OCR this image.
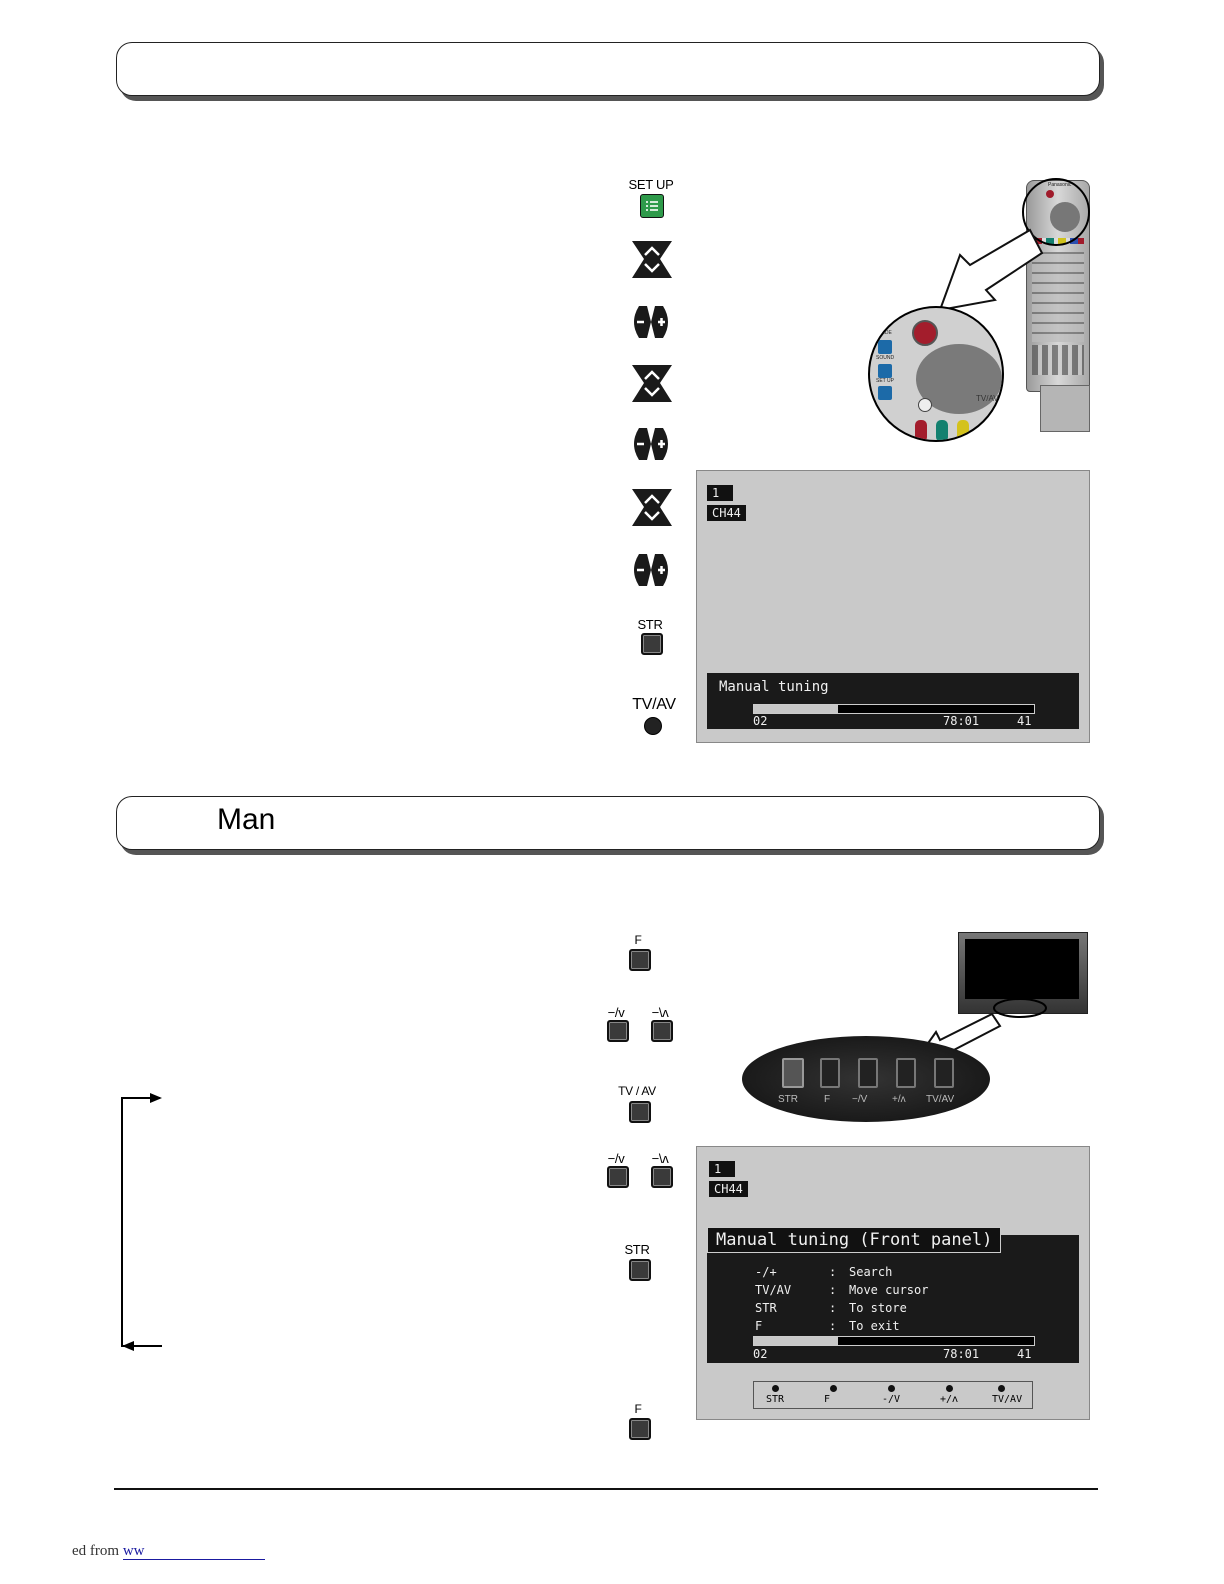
SET UP
STR
TV/AV
Panasonic
TV/AV
GUIDE
SOUND
SET UP
1
CH44
Manual tuning
02	78:01	41
Man
F
−/v	−\ʌ
TV / AV
−/v	−\ʌ
STR
F
STR	F −/V +/ʌ TV/AV
1
CH44
Manual tuning (Front panel)
-/+	: Search
TV/AV	: Move cursor
STR	: To store
F	: To exit
02	78:01	41
STR	F	-/V	+/ʌ	TV/AV
ed from ww
